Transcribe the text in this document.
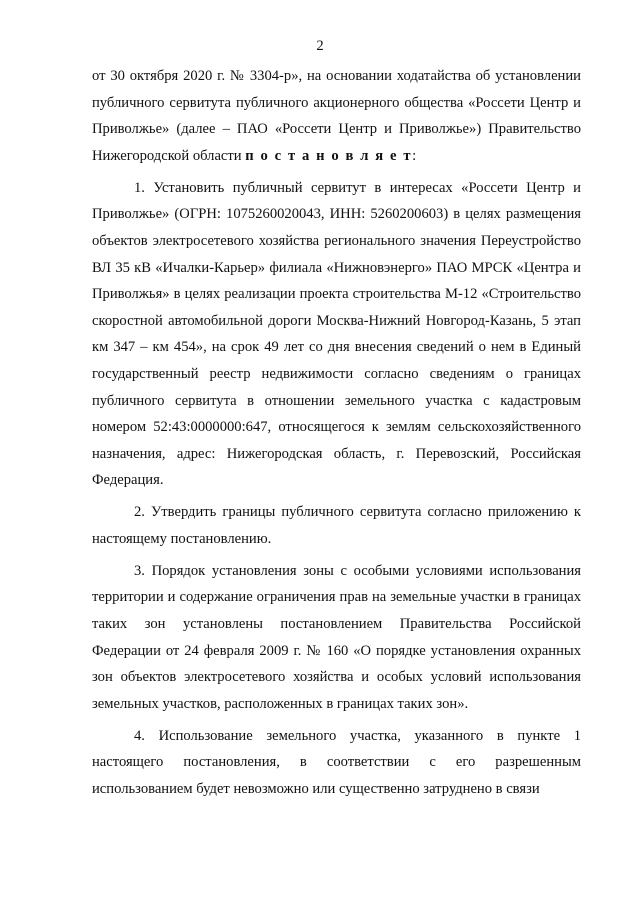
2

от 30 октября 2020 г. № 3304-р», на основании ходатайства об установлении публичного сервитута публичного акционерного общества «Россети Центр и Приволжье» (далее – ПАО «Россети Центр и Приволжье») Правительство Нижегородской области п о с т а н о в л я е т:

1. Установить публичный сервитут в интересах «Россети Центр и Приволжье» (ОГРН: 1075260020043, ИНН: 5260200603) в целях размещения объектов электросетевого хозяйства регионального значения Переустройство ВЛ 35 кВ «Ичалки-Карьер» филиала «Нижновэнерго» ПАО МРСК «Центра и Приволжья» в целях реализации проекта строительства М-12 «Строительство скоростной автомобильной дороги Москва-Нижний Новгород-Казань, 5 этап км 347 – км 454», на срок 49 лет со дня внесения сведений о нем в Единый государственный реестр недвижимости согласно сведениям о границах публичного сервитута в отношении земельного участка с кадастровым номером 52:43:0000000:647, относящегося к землям сельскохозяйственного назначения, адрес: Нижегородская область, г. Перевозский, Российская Федерация.

2. Утвердить границы публичного сервитута согласно приложению к настоящему постановлению.

3. Порядок установления зоны с особыми условиями использования территории и содержание ограничения прав на земельные участки в границах таких зон установлены постановлением Правительства Российской Федерации от 24 февраля 2009 г. № 160 «О порядке установления охранных зон объектов электросетевого хозяйства и особых условий использования земельных участков, расположенных в границах таких зон».

4. Использование земельного участка, указанного в пункте 1 настоящего постановления, в соответствии с его разрешенным использованием будет невозможно или существенно затруднено в связи
